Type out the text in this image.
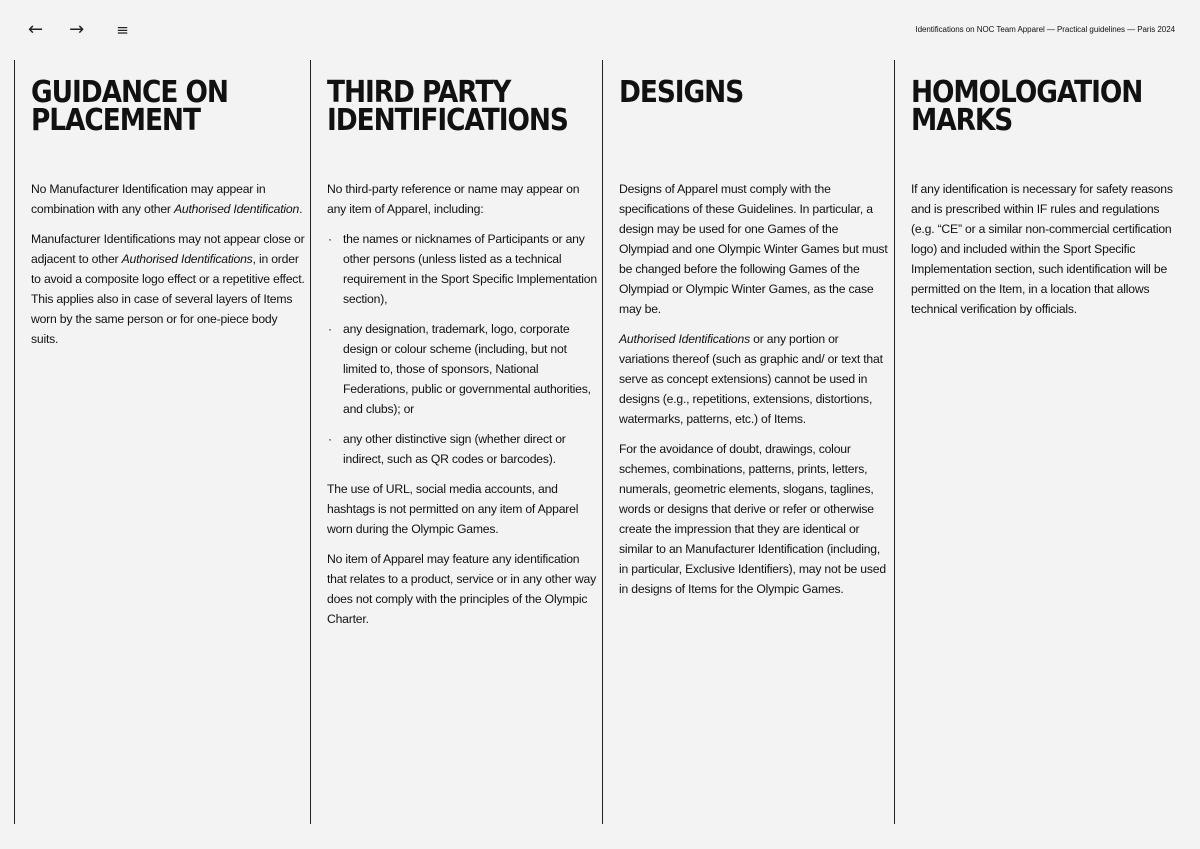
← → ≡	Identifications on NOC Team Apparel — Practical guidelines — Paris 2024
GUIDANCE ON
PLACEMENT

No Manufacturer Identification may appear in combination with any other Authorised Identification.

Manufacturer Identifications may not appear close or adjacent to other Authorised Identifications, in order to avoid a composite logo effect or a repetitive effect. This applies also in case of several layers of Items worn by the same person or for one-piece body suits.

THIRD PARTY
IDENTIFICATIONS

No third-party reference or name may appear on any item of Apparel, including:

· the names or nicknames of Participants or any other persons (unless listed as a technical requirement in the Sport Specific Implementation section),
· any designation, trademark, logo, corporate design or colour scheme (including, but not limited to, those of sponsors, National Federations, public or governmental authorities, and clubs); or
· any other distinctive sign (whether direct or indirect, such as QR codes or barcodes).

The use of URL, social media accounts, and hashtags is not permitted on any item of Apparel worn during the Olympic Games.

No item of Apparel may feature any identification that relates to a product, service or in any other way does not comply with the principles of the Olympic Charter.

DESIGNS

Designs of Apparel must comply with the specifications of these Guidelines. In particular, a design may be used for one Games of the Olympiad and one Olympic Winter Games but must be changed before the following Games of the Olympiad or Olympic Winter Games, as the case may be.

Authorised Identifications or any portion or variations thereof (such as graphic and/ or text that serve as concept extensions) cannot be used in designs (e.g., repetitions, extensions, distortions, watermarks, patterns, etc.) of Items.

For the avoidance of doubt, drawings, colour schemes, combinations, patterns, prints, letters, numerals, geometric elements, slogans, taglines, words or designs that derive or refer or otherwise create the impression that they are identical or similar to an Manufacturer Identification (including, in particular, Exclusive Identifiers), may not be used in designs of Items for the Olympic Games.

HOMOLOGATION
MARKS

If any identification is necessary for safety reasons and is prescribed within IF rules and regulations (e.g. “CE” or a similar non-commercial certification logo) and included within the Sport Specific Implementation section, such identification will be permitted on the Item, in a location that allows technical verification by officials.
